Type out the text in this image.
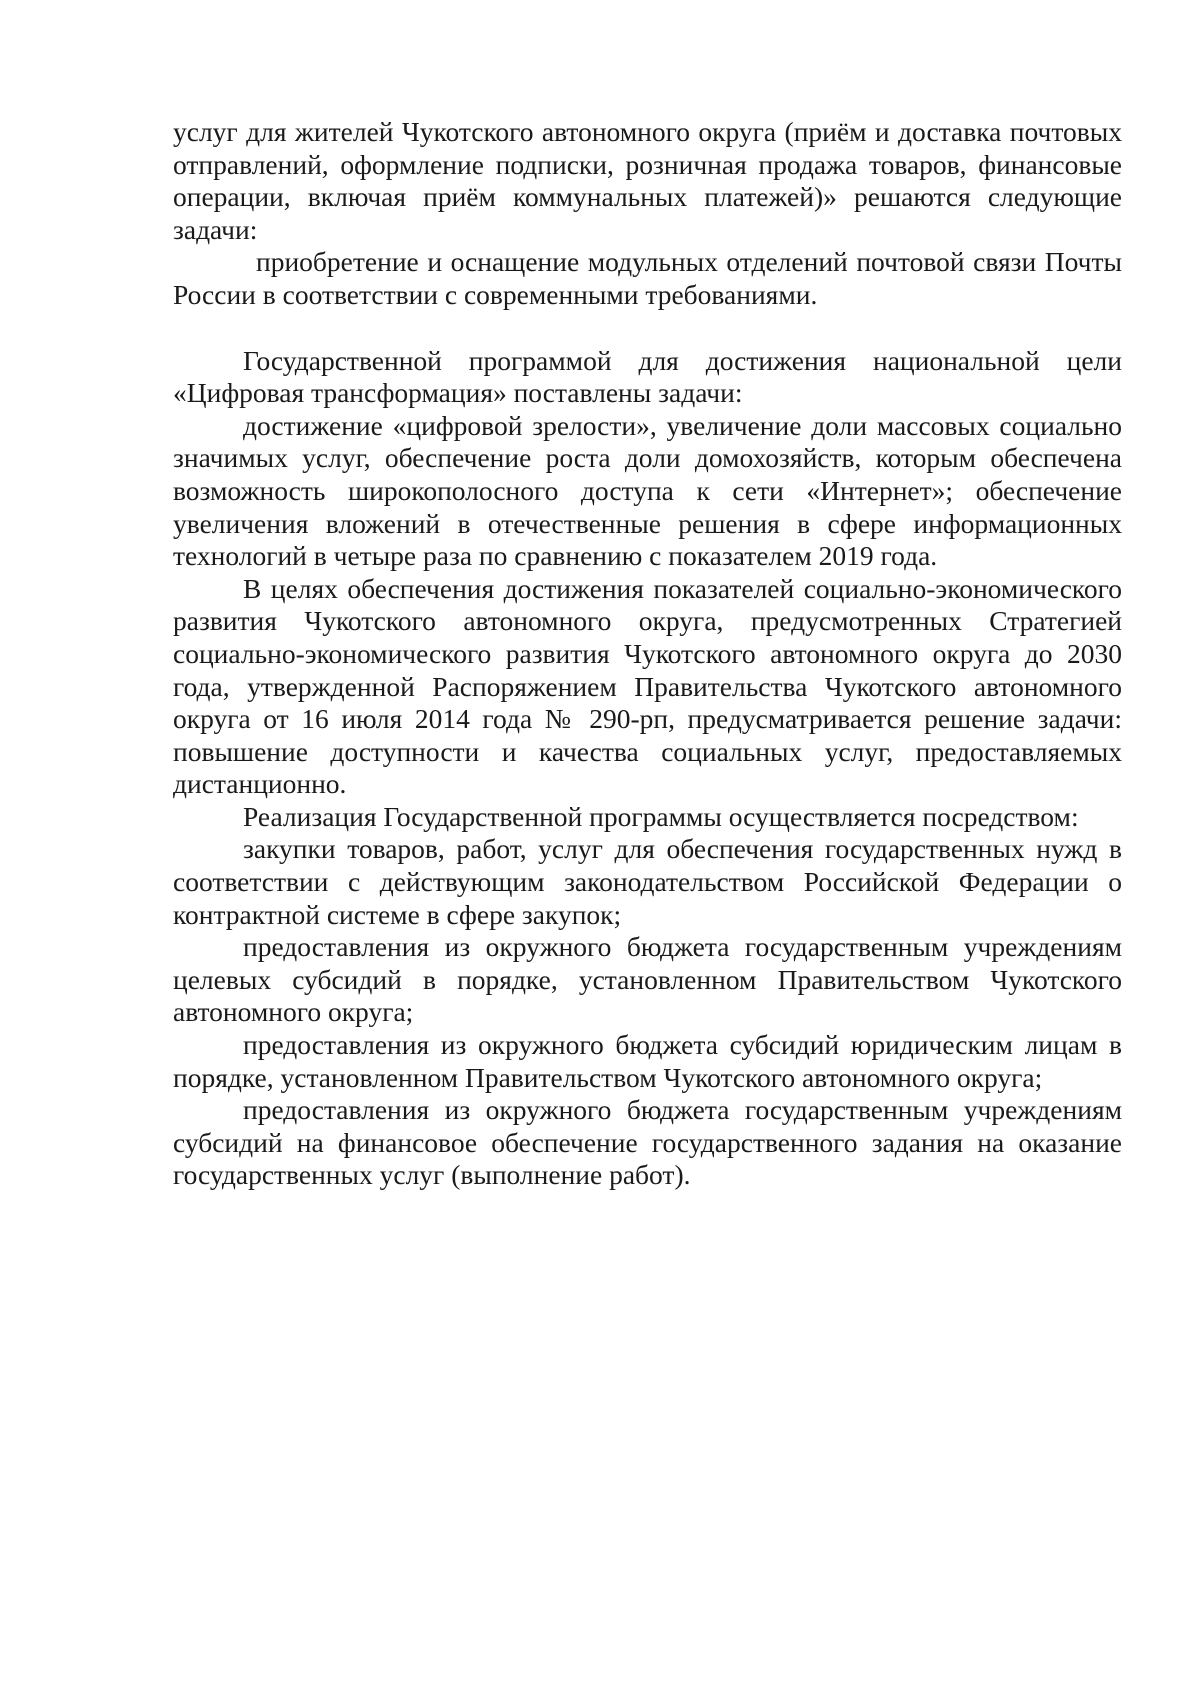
услуг для жителей Чукотского автономного округа (приём и доставка почтовых отправлений, оформление подписки, розничная продажа товаров, финансовые операции, включая приём коммунальных платежей)» решаются следующие задачи:

приобретение и оснащение модульных отделений почтовой связи Почты России в соответствии с современными требованиями.

Государственной программой для достижения национальной цели «Цифровая трансформация» поставлены задачи:

достижение «цифровой зрелости», увеличение доли массовых социально значимых услуг, обеспечение роста доли домохозяйств, которым обеспечена возможность широкополосного доступа к сети «Интернет»; обеспечение увеличения вложений в отечественные решения в сфере информационных технологий в четыре раза по сравнению с показателем 2019 года.

В целях обеспечения достижения показателей социально-экономического развития Чукотского автономного округа, предусмотренных Стратегией социально-экономического развития Чукотского автономного округа до 2030 года, утвержденной Распоряжением Правительства Чукотского автономного округа от 16 июля 2014 года № 290-рп, предусматривается решение задачи: повышение доступности и качества социальных услуг, предоставляемых дистанционно.

Реализация Государственной программы осуществляется посредством:

закупки товаров, работ, услуг для обеспечения государственных нужд в соответствии с действующим законодательством Российской Федерации о контрактной системе в сфере закупок;

предоставления из окружного бюджета государственным учреждениям целевых субсидий в порядке, установленном Правительством Чукотского автономного округа;

предоставления из окружного бюджета субсидий юридическим лицам в порядке, установленном Правительством Чукотского автономного округа;

предоставления из окружного бюджета государственным учреждениям субсидий на финансовое обеспечение государственного задания на оказание государственных услуг (выполнение работ).
